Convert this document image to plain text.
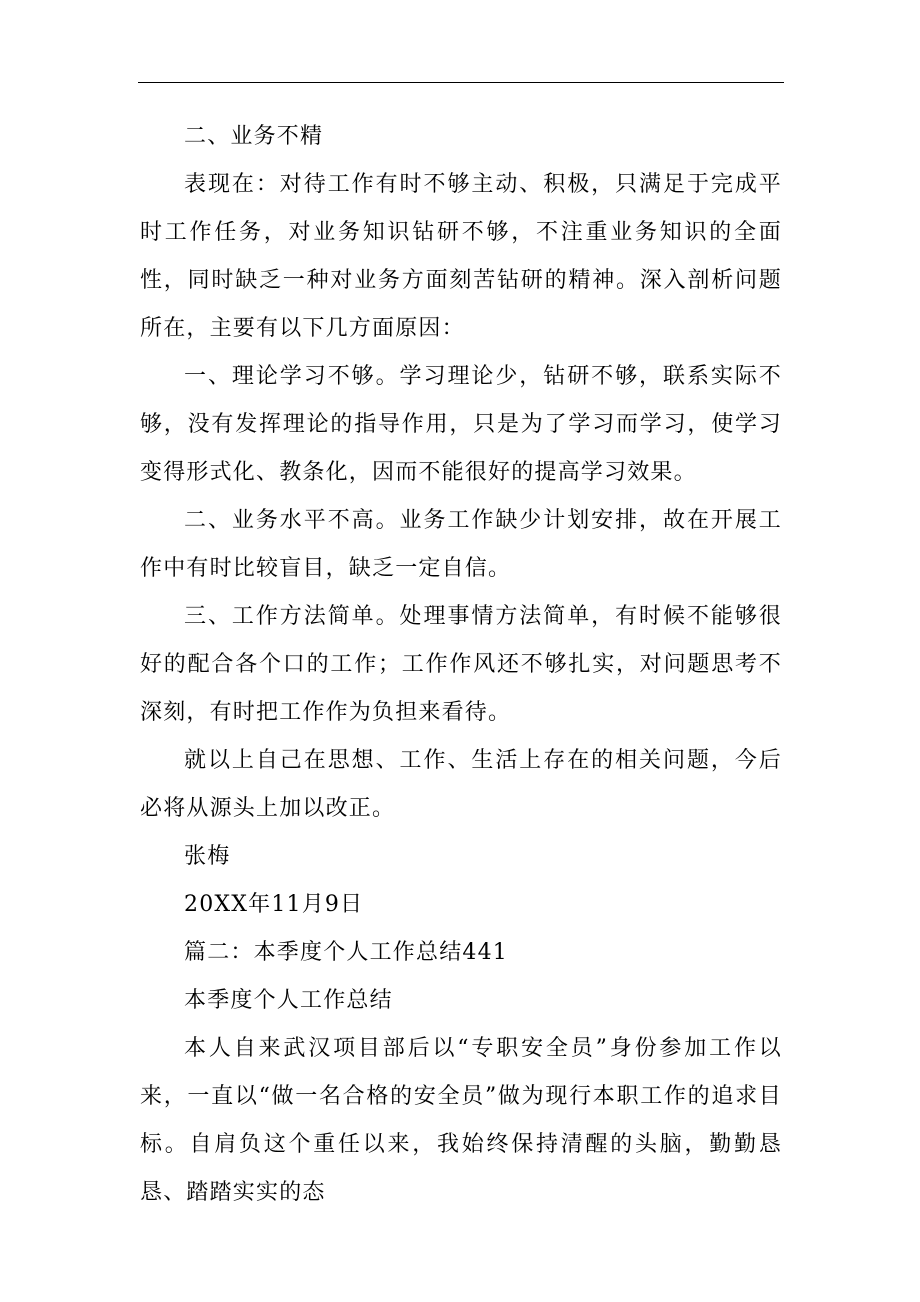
二、业务不精

表现在：对待工作有时不够主动、积极，只满足于完成平时工作任务，对业务知识钻研不够，不注重业务知识的全面性，同时缺乏一种对业务方面刻苦钻研的精神。深入剖析问题所在，主要有以下几方面原因：

一、理论学习不够。学习理论少，钻研不够，联系实际不够，没有发挥理论的指导作用，只是为了学习而学习，使学习变得形式化、教条化，因而不能很好的提高学习效果。

二、业务水平不高。业务工作缺少计划安排，故在开展工作中有时比较盲目，缺乏一定自信。

三、工作方法简单。处理事情方法简单，有时候不能够很好的配合各个口的工作；工作作风还不够扎实，对问题思考不深刻，有时把工作作为负担来看待。

就以上自己在思想、工作、生活上存在的相关问题，今后必将从源头上加以改正。

张梅

20XX年11月9日

篇二：本季度个人工作总结441

本季度个人工作总结

本人自来武汉项目部后以“专职安全员”身份参加工作以来，一直以“做一名合格的安全员”做为现行本职工作的追求目标。自肩负这个重任以来，我始终保持清醒的头脑，勤勤恳恳、踏踏实实的态
